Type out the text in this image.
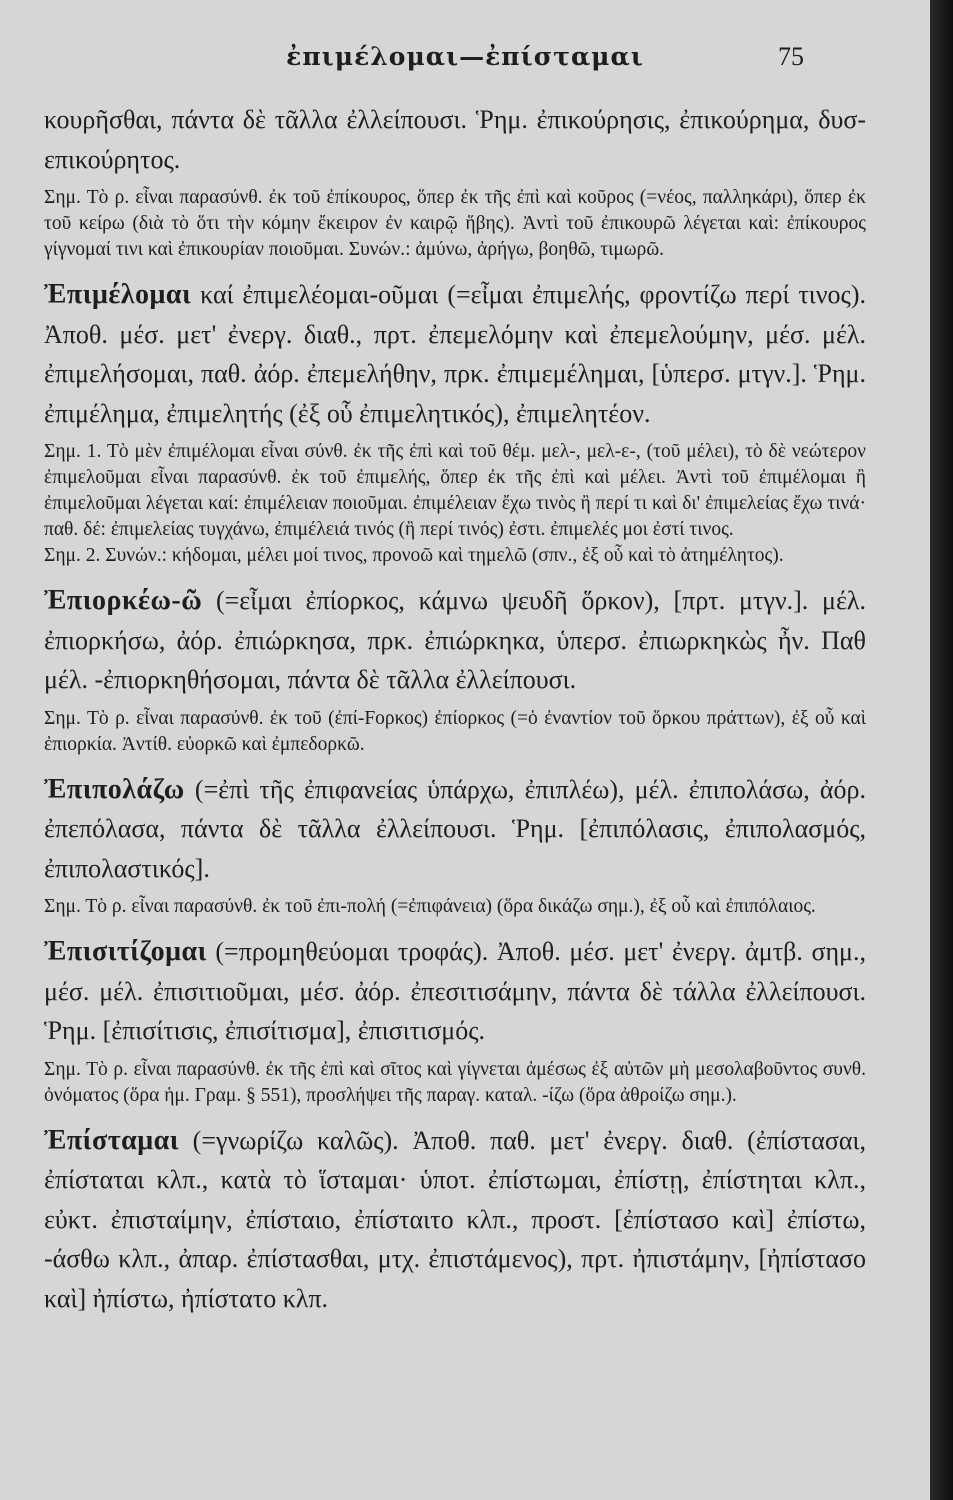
ἐπιμέλομαι—ἐπίσταμαι	75

κουρῆσθαι, πάντα δὲ τᾶλλα ἐλλείπουσι. Ῥημ. ἐπικούρησις, ἐπικούρημα, δυσ-επικούρητος.

Σημ. Τὸ ρ. εἶναι παρασύνθ. ἐκ τοῦ ἐπίκουρος, ὅπερ ἐκ τῆς ἐπὶ καὶ κοῦρος (=νέος, παλληκάρι), ὅπερ ἐκ τοῦ κείρω (διὰ τὸ ὅτι τὴν κόμην ἔκειρον ἐν καιρῷ ἥβης). Ἀντὶ τοῦ ἐπικουρῶ λέγεται καὶ: ἐπίκουρος γίγνομαί τινι καὶ ἐπικουρίαν ποιοῦμαι. Συνών.: ἀμύνω, ἀρήγω, βοηθῶ, τιμωρῶ.

Ἐπιμέλομαι καί ἐπιμελέομαι-οῦμαι (=εἶμαι ἐπιμελής, φροντίζω περί τινος). Ἀποθ. μέσ. μετ' ἐνεργ. διαθ., πρτ. ἐπεμελόμην καὶ ἐπεμελούμην, μέσ. μέλ. ἐπιμελήσομαι, παθ. ἀόρ. ἐπεμελήθην, πρκ. ἐπιμεμέλημαι, [ὑπερσ. μτγν.]. Ῥημ. ἐπιμέλημα, ἐπιμελητής (ἐξ οὗ ἐπιμελητικός), ἐπιμελητέον.

Σημ. 1. Τὸ μὲν ἐπιμέλομαι εἶναι σύνθ. ἐκ τῆς ἐπὶ καὶ τοῦ θέμ. μελ-, μελ-ε-, (τοῦ μέλει), τὸ δὲ νεώτερον ἐπιμελοῦμαι εἶναι παρασύνθ. ἐκ τοῦ ἐπιμελής, ὅπερ ἐκ τῆς ἐπὶ καὶ μέλει. Ἀντὶ τοῦ ἐπιμέλομαι ἢ ἐπιμελοῦμαι λέγεται καί: ἐπιμέλειαν ποιοῦμαι. ἐπιμέλειαν ἔχω τινὸς ἢ περί τι καὶ δι' ἐπιμελείας ἔχω τινά· παθ. δέ: ἐπιμελείας τυγχάνω, ἐπιμέλειά τινός (ἢ περί τινός) ἐστι. ἐπιμελές μοι ἐστί τινος.
Σημ. 2. Συνών.: κήδομαι, μέλει μοί τινος, προνοῶ καὶ τημελῶ (σπν., ἐξ οὗ καὶ τὸ ἀτημέλητος).

Ἐπιορκέω-ῶ (=εἶμαι ἐπίορκος, κάμνω ψευδῆ ὅρκον), [πρτ. μτγν.]. μέλ. ἐπιορκήσω, ἀόρ. ἐπιώρκησα, πρκ. ἐπιώρκηκα, ὑπερσ. ἐπιωρκηκὼς ἦν. Παθ μέλ. -ἐπιορκηθήσομαι, πάντα δὲ τᾶλλα ἐλλείπουσι.

Σημ. Τὸ ρ. εἶναι παρασύνθ. ἐκ τοῦ (ἐπί-Fορκος) ἐπίορκος (=ὁ ἐναντίον τοῦ ὅρκου πράττων), ἐξ οὗ καὶ ἐπιορκία. Ἀντίθ. εὐορκῶ καὶ ἐμπεδορκῶ.

Ἐπιπολάζω (=ἐπὶ τῆς ἐπιφανείας ὑπάρχω, ἐπιπλέω), μέλ. ἐπιπολάσω, ἀόρ. ἐπεπόλασα, πάντα δὲ τᾶλλα ἐλλείπουσι. Ῥημ. [ἐπιπόλασις, ἐπιπολασμός, ἐπιπολαστικός].

Σημ. Τὸ ρ. εἶναι παρασύνθ. ἐκ τοῦ ἐπι-πολή (=ἐπιφάνεια) (ὅρα δικάζω σημ.), ἐξ οὗ καὶ ἐπιπόλαιος.

Ἐπισιτίζομαι (=προμηθεύομαι τροφάς). Ἀποθ. μέσ. μετ' ἐνεργ. ἀμτβ. σημ., μέσ. μέλ. ἐπισιτιοῦμαι, μέσ. ἀόρ. ἐπεσιτισάμην, πάντα δὲ τάλλα ἐλλείπουσι. Ῥημ. [ἐπισίτισις, ἐπισίτισμα], ἐπισιτισμός.

Σημ. Τὸ ρ. εἶναι παρασύνθ. ἐκ τῆς ἐπὶ καὶ σῖτος καὶ γίγνεται ἀμέσως ἐξ αὐτῶν μὴ μεσολαβοῦντος συνθ. ὀνόματος (ὅρα ἡμ. Γραμ. § 551), προσλήψει τῆς παραγ. καταλ. -ίζω (ὅρα ἀθροίζω σημ.).

Ἐπίσταμαι (=γνωρίζω καλῶς). Ἀποθ. παθ. μετ' ἐνεργ. διαθ. (ἐπίστασαι, ἐπίσταται κλπ., κατὰ τὸ ἵσταμαι· ὑποτ. ἐπίστωμαι, ἐπίστῃ, ἐπίστηται κλπ., εὐκτ. ἐπισταίμην, ἐπίσταιο, ἐπίσταιτο κλπ., προστ. [ἐπίστασο καὶ] ἐπίστω, -άσθω κλπ., ἀπαρ. ἐπίστασθαι, μτχ. ἐπιστάμενος), πρτ. ἠπιστάμην, [ἠπίστασο καὶ] ἠπίστω, ἠπίστατο κλπ.
